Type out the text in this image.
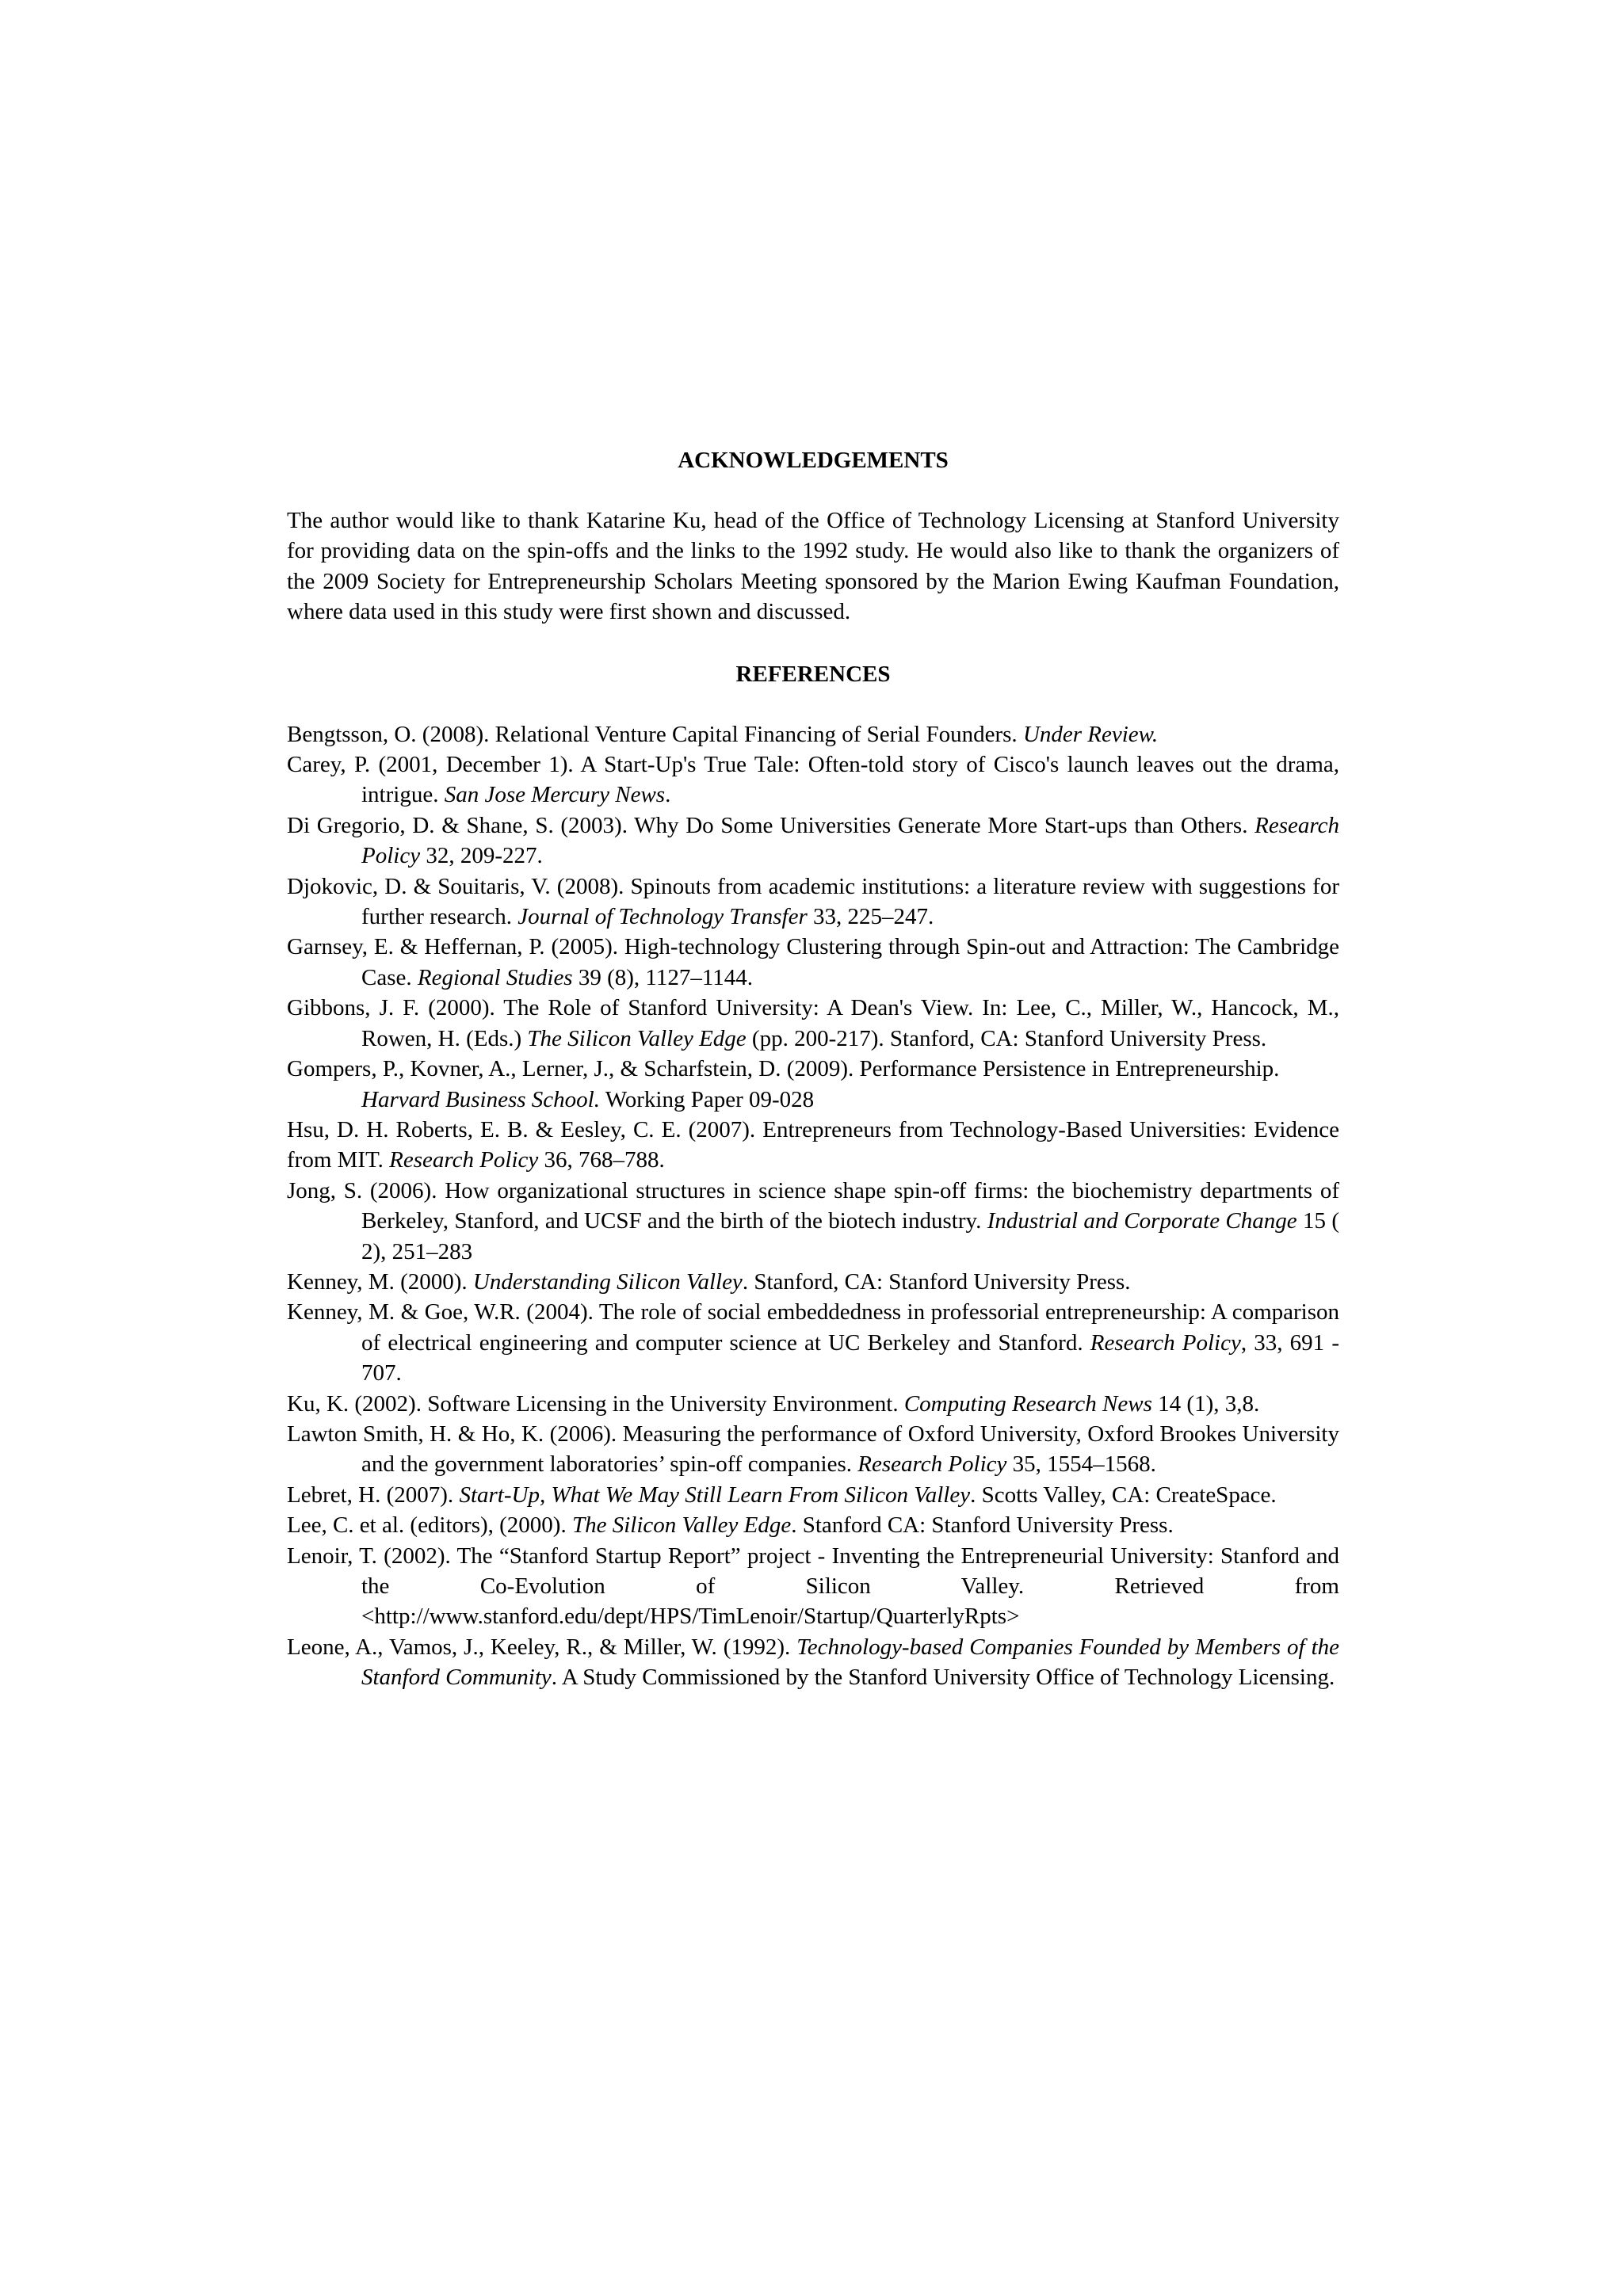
ACKNOWLEDGEMENTS

The author would like to thank Katarine Ku, head of the Office of Technology Licensing at Stanford University for providing data on the spin-offs and the links to the 1992 study. He would also like to thank the organizers of the 2009 Society for Entrepreneurship Scholars Meeting sponsored by the Marion Ewing Kaufman Foundation, where data used in this study were first shown and discussed.

REFERENCES
Bengtsson, O. (2008). Relational Venture Capital Financing of Serial Founders. Under Review.
Carey, P. (2001, December 1). A Start-Up's True Tale: Often-told story of Cisco's launch leaves out the drama, intrigue. San Jose Mercury News.
Di Gregorio, D. & Shane, S. (2003). Why Do Some Universities Generate More Start-ups than Others. Research Policy 32, 209-227.
Djokovic, D. & Souitaris, V. (2008). Spinouts from academic institutions: a literature review with suggestions for further research. Journal of Technology Transfer 33, 225–247.
Garnsey, E. & Heffernan, P. (2005). High-technology Clustering through Spin-out and Attraction: The Cambridge Case. Regional Studies 39 (8), 1127–1144.
Gibbons, J. F. (2000). The Role of Stanford University: A Dean's View. In: Lee, C., Miller, W., Hancock, M., Rowen, H. (Eds.) The Silicon Valley Edge (pp. 200-217). Stanford, CA: Stanford University Press.
Gompers, P., Kovner, A., Lerner, J., & Scharfstein, D. (2009). Performance Persistence in Entrepreneurship. Harvard Business School. Working Paper 09-028
Hsu, D. H. Roberts, E. B. & Eesley, C. E. (2007). Entrepreneurs from Technology-Based Universities: Evidence from MIT. Research Policy 36, 768–788.
Jong, S. (2006). How organizational structures in science shape spin-off firms: the biochemistry departments of Berkeley, Stanford, and UCSF and the birth of the biotech industry. Industrial and Corporate Change 15 ( 2), 251–283
Kenney, M. (2000). Understanding Silicon Valley. Stanford, CA: Stanford University Press.
Kenney, M. & Goe, W.R. (2004). The role of social embeddedness in professorial entrepreneurship: A comparison of electrical engineering and computer science at UC Berkeley and Stanford. Research Policy, 33, 691 - 707.
Ku, K. (2002). Software Licensing in the University Environment. Computing Research News 14 (1), 3,8.
Lawton Smith, H. & Ho, K. (2006). Measuring the performance of Oxford University, Oxford Brookes University and the government laboratories’ spin-off companies. Research Policy 35, 1554–1568.
Lebret, H. (2007). Start-Up, What We May Still Learn From Silicon Valley. Scotts Valley, CA: CreateSpace.
Lee, C. et al. (editors), (2000). The Silicon Valley Edge. Stanford CA: Stanford University Press.
Lenoir, T. (2002). The “Stanford Startup Report” project - Inventing the Entrepreneurial University: Stanford and the Co-Evolution of Silicon Valley. Retrieved from <http://www.stanford.edu/dept/HPS/TimLenoir/Startup/QuarterlyRpts>
Leone, A., Vamos, J., Keeley, R., & Miller, W. (1992). Technology-based Companies Founded by Members of the Stanford Community. A Study Commissioned by the Stanford University Office of Technology Licensing.
